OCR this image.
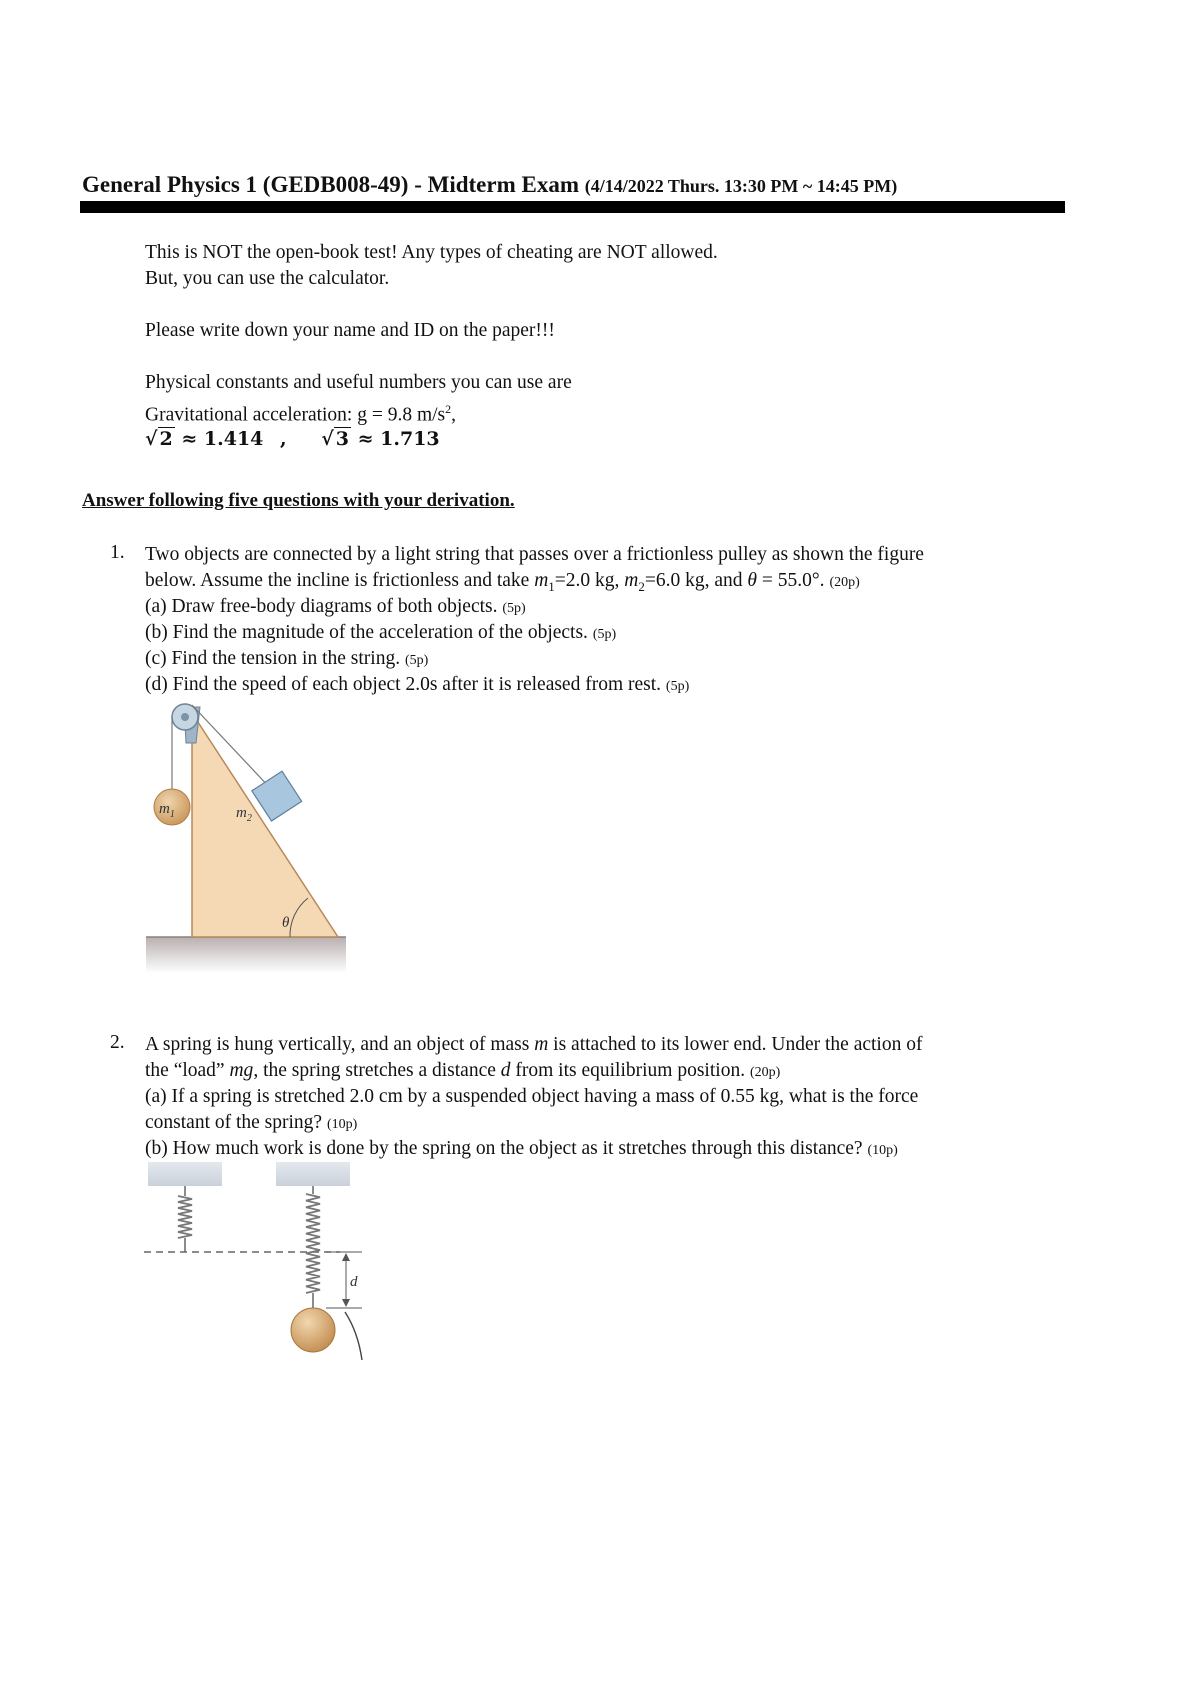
General Physics 1 (GEDB008-49) - Midterm Exam (4/14/2022 Thurs. 13:30 PM ~ 14:45 PM)
This is NOT the open-book test! Any types of cheating are NOT allowed.
But, you can use the calculator.
Please write down your name and ID on the paper!!!
Physical constants and useful numbers you can use are
Gravitational acceleration: g = 9.8 $m/s^2$,
√ 2 ≈ 1.414 , √ 3 ≈ 1.713
Answer following five questions with your derivation.
1. Two objects are connected by a light string that passes over a frictionless pulley as shown the figure
below. Assume the incline is frictionless and take $m_1=2.0$ kg, $m_2=6.0$ kg, and θ = 55.0°. (20p)
(a) Draw free-body diagrams of both objects. (5p)
(b) Find the magnitude of the acceleration of the objects. (5p)
(c) Find the tension in the string. (5p)
(d) Find the speed of each object 2.0s after it is released from rest. (5p)
$m_1$	$m_2$
θ
2. A spring is hung vertically, and an object of mass m is attached to its lower end. Under the action of
the “load” mg, the spring stretches a distance d from its equilibrium position. (20p)
(a) If a spring is stretched 2.0 cm by a suspended object having a mass of 0.55 kg, what is the force
constant of the spring? (10p)
(b) How much work is done by the spring on the object as it stretches through this distance? (10p)
d
